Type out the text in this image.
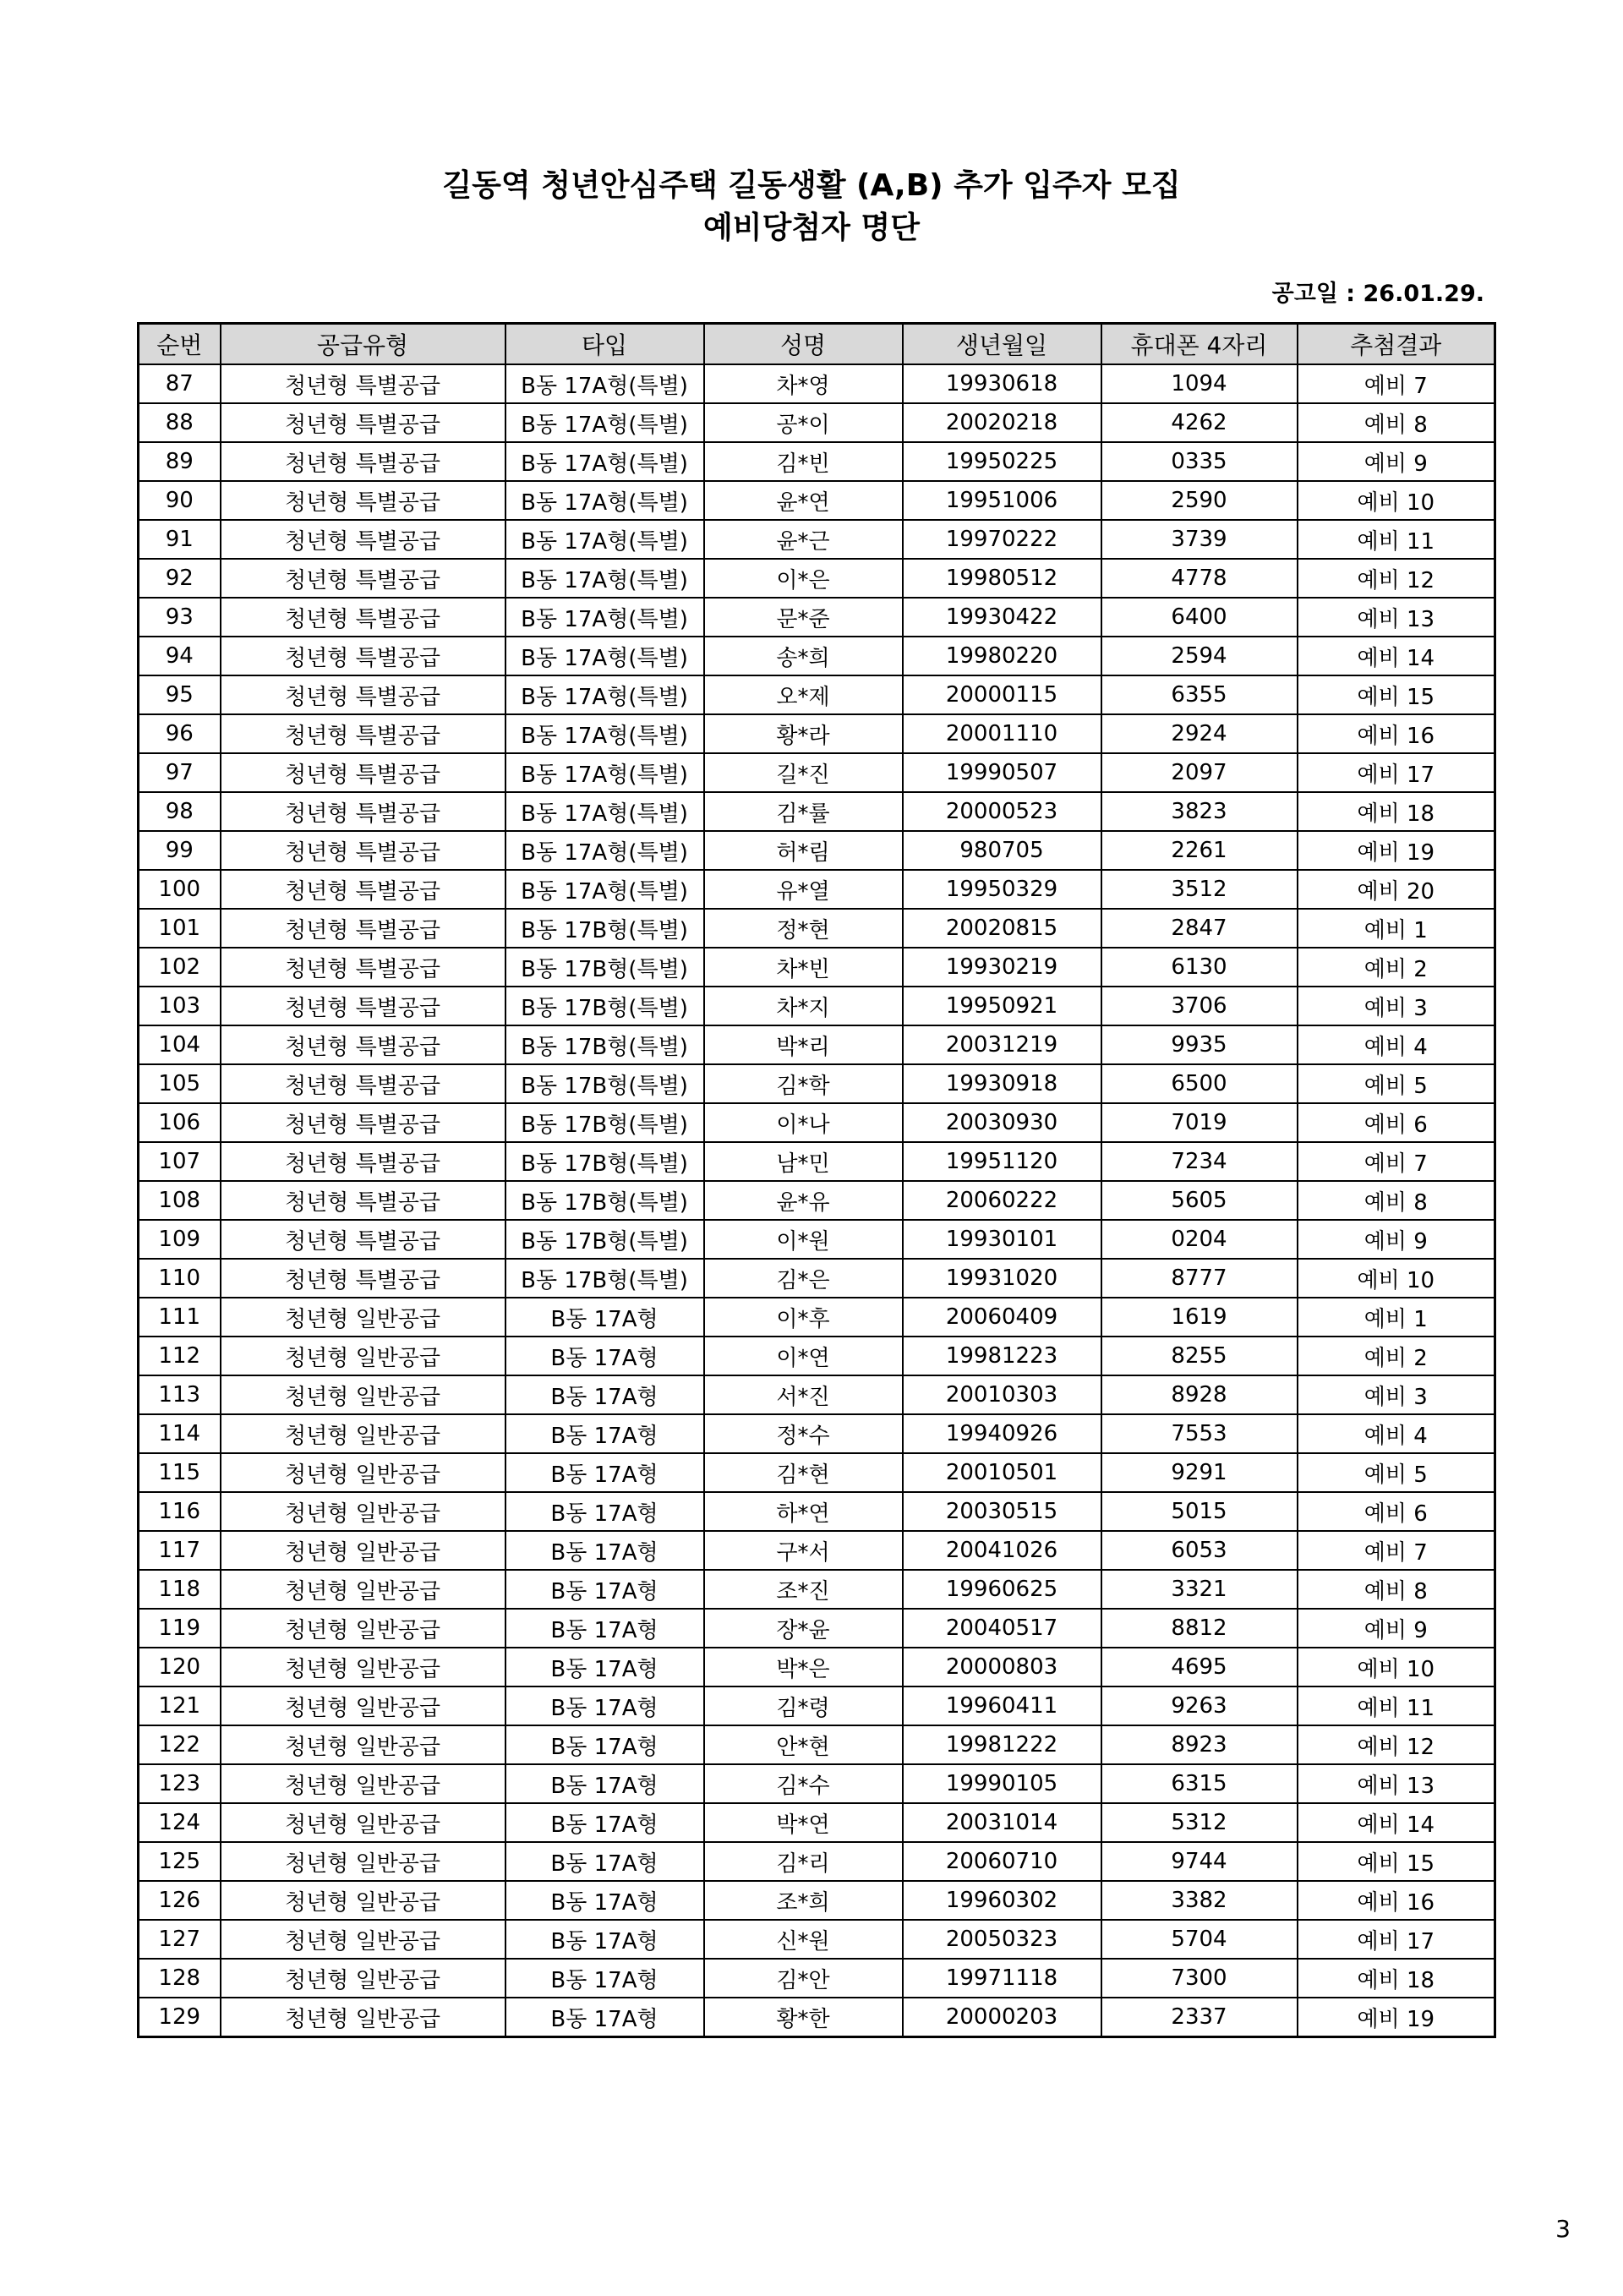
길동역 청년안심주택 길동생활 (A,B) 추가 입주자 모집
예비당첨자 명단
공고일 : 26.01.29.
순번	공급유형	타입	성명	생년월일	휴대폰 4자리	추첨결과
87	청년형 특별공급	B동 17A형(특별)	차*영	19930618	1094	예비 7
88	청년형 특별공급	B동 17A형(특별)	공*이	20020218	4262	예비 8
89	청년형 특별공급	B동 17A형(특별)	김*빈	19950225	0335	예비 9
90	청년형 특별공급	B동 17A형(특별)	윤*연	19951006	2590	예비 10
91	청년형 특별공급	B동 17A형(특별)	윤*근	19970222	3739	예비 11
92	청년형 특별공급	B동 17A형(특별)	이*은	19980512	4778	예비 12
93	청년형 특별공급	B동 17A형(특별)	문*준	19930422	6400	예비 13
94	청년형 특별공급	B동 17A형(특별)	송*희	19980220	2594	예비 14
95	청년형 특별공급	B동 17A형(특별)	오*제	20000115	6355	예비 15
96	청년형 특별공급	B동 17A형(특별)	황*라	20001110	2924	예비 16
97	청년형 특별공급	B동 17A형(특별)	길*진	19990507	2097	예비 17
98	청년형 특별공급	B동 17A형(특별)	김*률	20000523	3823	예비 18
99	청년형 특별공급	B동 17A형(특별)	허*림	980705	2261	예비 19
100	청년형 특별공급	B동 17A형(특별)	유*열	19950329	3512	예비 20
101	청년형 특별공급	B동 17B형(특별)	정*현	20020815	2847	예비 1
102	청년형 특별공급	B동 17B형(특별)	차*빈	19930219	6130	예비 2
103	청년형 특별공급	B동 17B형(특별)	차*지	19950921	3706	예비 3
104	청년형 특별공급	B동 17B형(특별)	박*리	20031219	9935	예비 4
105	청년형 특별공급	B동 17B형(특별)	김*학	19930918	6500	예비 5
106	청년형 특별공급	B동 17B형(특별)	이*나	20030930	7019	예비 6
107	청년형 특별공급	B동 17B형(특별)	남*민	19951120	7234	예비 7
108	청년형 특별공급	B동 17B형(특별)	윤*유	20060222	5605	예비 8
109	청년형 특별공급	B동 17B형(특별)	이*원	19930101	0204	예비 9
110	청년형 특별공급	B동 17B형(특별)	김*은	19931020	8777	예비 10
111	청년형 일반공급	B동 17A형	이*후	20060409	1619	예비 1
112	청년형 일반공급	B동 17A형	이*연	19981223	8255	예비 2
113	청년형 일반공급	B동 17A형	서*진	20010303	8928	예비 3
114	청년형 일반공급	B동 17A형	정*수	19940926	7553	예비 4
115	청년형 일반공급	B동 17A형	김*현	20010501	9291	예비 5
116	청년형 일반공급	B동 17A형	하*연	20030515	5015	예비 6
117	청년형 일반공급	B동 17A형	구*서	20041026	6053	예비 7
118	청년형 일반공급	B동 17A형	조*진	19960625	3321	예비 8
119	청년형 일반공급	B동 17A형	장*윤	20040517	8812	예비 9
120	청년형 일반공급	B동 17A형	박*은	20000803	4695	예비 10
121	청년형 일반공급	B동 17A형	김*령	19960411	9263	예비 11
122	청년형 일반공급	B동 17A형	안*현	19981222	8923	예비 12
123	청년형 일반공급	B동 17A형	김*수	19990105	6315	예비 13
124	청년형 일반공급	B동 17A형	박*연	20031014	5312	예비 14
125	청년형 일반공급	B동 17A형	김*리	20060710	9744	예비 15
126	청년형 일반공급	B동 17A형	조*희	19960302	3382	예비 16
127	청년형 일반공급	B동 17A형	신*원	20050323	5704	예비 17
128	청년형 일반공급	B동 17A형	김*안	19971118	7300	예비 18
129	청년형 일반공급	B동 17A형	황*한	20000203	2337	예비 19
3
